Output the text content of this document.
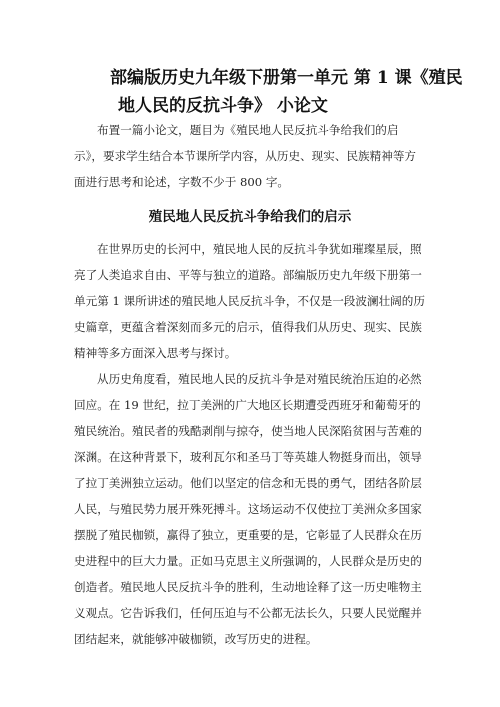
部编版历史九年级下册第一单元 第 1 课《殖民
地人民的反抗斗争》 小论文
布置一篇小论文，题目为《殖民地人民反抗斗争给我们的启
示》，要求学生结合本节课所学内容，从历史、现实、民族精神等方
面进行思考和论述，字数不少于 800 字。
殖民地人民反抗斗争给我们的启示
在世界历史的长河中，殖民地人民的反抗斗争犹如璀璨星辰，照
亮了人类追求自由、平等与独立的道路。部编版历史九年级下册第一
单元第 1 课所讲述的殖民地人民反抗斗争，不仅是一段波澜壮阔的历
史篇章，更蕴含着深刻而多元的启示，值得我们从历史、现实、民族
精神等多方面深入思考与探讨。
从历史角度看，殖民地人民的反抗斗争是对殖民统治压迫的必然
回应。在 19 世纪，拉丁美洲的广大地区长期遭受西班牙和葡萄牙的
殖民统治。殖民者的残酷剥削与掠夺，使当地人民深陷贫困与苦难的
深渊。在这种背景下，玻利瓦尔和圣马丁等英雄人物挺身而出，领导
了拉丁美洲独立运动。他们以坚定的信念和无畏的勇气，团结各阶层
人民，与殖民势力展开殊死搏斗。这场运动不仅使拉丁美洲众多国家
摆脱了殖民枷锁，赢得了独立，更重要的是，它彰显了人民群众在历
史进程中的巨大力量。正如马克思主义所强调的，人民群众是历史的
创造者。殖民地人民反抗斗争的胜利，生动地诠释了这一历史唯物主
义观点。它告诉我们，任何压迫与不公都无法长久，只要人民觉醒并
团结起来，就能够冲破枷锁，改写历史的进程。
